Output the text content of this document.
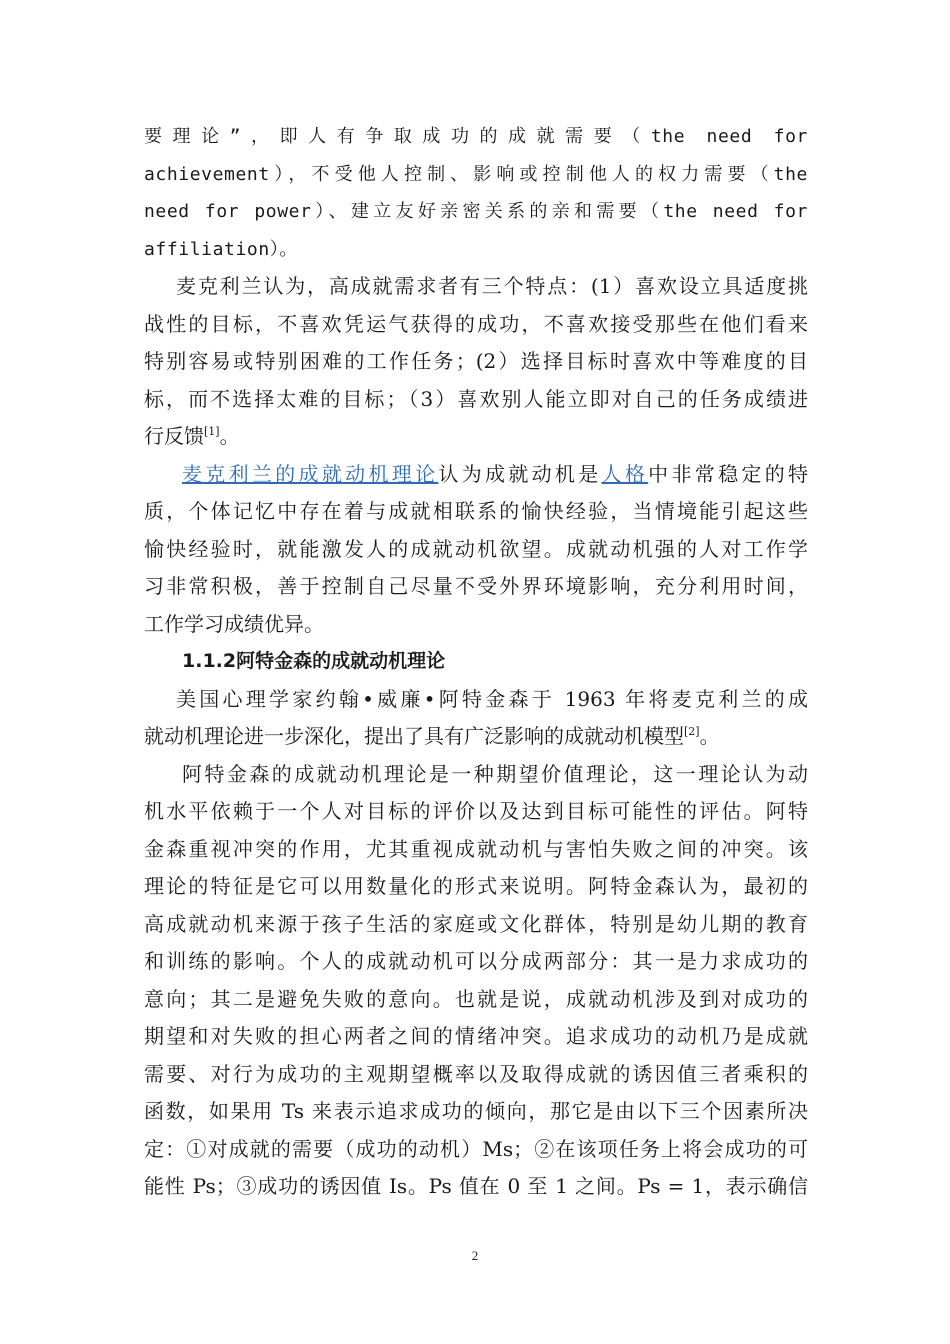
要理论”，即人有争取成功的成就需要（the need for
achievement），不受他人控制、影响或控制他人的权力需要（the
need for power）、建立友好亲密关系的亲和需要（the need for
affiliation）。
麦克利兰认为，高成就需求者有三个特点：(1）喜欢设立具适度挑
战性的目标，不喜欢凭运气获得的成功，不喜欢接受那些在他们看来
特别容易或特别困难的工作任务；(2）选择目标时喜欢中等难度的目
标，而不选择太难的目标；（3）喜欢别人能立即对自己的任务成绩进
行反馈[1]。
麦克利兰的成就动机理论认为成就动机是人格中非常稳定的特
质，个体记忆中存在着与成就相联系的愉快经验，当情境能引起这些
愉快经验时，就能激发人的成就动机欲望。成就动机强的人对工作学
习非常积极，善于控制自己尽量不受外界环境影响，充分利用时间，
工作学习成绩优异。
1.1.2阿特金森的成就动机理论
美国心理学家约翰•威廉•阿特金森于 1963 年将麦克利兰的成
就动机理论进一步深化，提出了具有广泛影响的成就动机模型[2]。
阿特金森的成就动机理论是一种期望价值理论，这一理论认为动
机水平依赖于一个人对目标的评价以及达到目标可能性的评估。阿特
金森重视冲突的作用，尤其重视成就动机与害怕失败之间的冲突。该
理论的特征是它可以用数量化的形式来说明。阿特金森认为，最初的
高成就动机来源于孩子生活的家庭或文化群体，特别是幼儿期的教育
和训练的影响。个人的成就动机可以分成两部分：其一是力求成功的
意向；其二是避免失败的意向。也就是说，成就动机涉及到对成功的
期望和对失败的担心两者之间的情绪冲突。追求成功的动机乃是成就
需要、对行为成功的主观期望概率以及取得成就的诱因值三者乘积的
函数，如果用 Ts 来表示追求成功的倾向，那它是由以下三个因素所决
定：①对成就的需要（成功的动机）Ms；②在该项任务上将会成功的可
能性 Ps；③成功的诱因值 Is。Ps 值在 0 至 1 之间。Ps = 1，表示确信
2
